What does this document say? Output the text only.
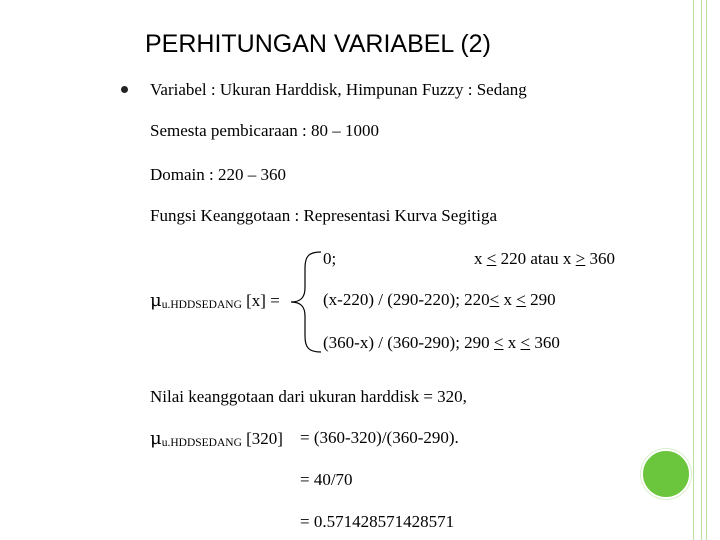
PERHITUNGAN VARIABEL (2)
Variabel : Ukuran Harddisk, Himpunan Fuzzy : Sedang
Semesta pembicaraan : 80 – 1000
Domain : 220 – 360
Fungsi Keanggotaan : Representasi Kurva Segitiga
μu.HDDSEDANG [x] =
0;	x ≤ 220 atau x ≥ 360
(x-220) / (290-220); 220≤ x ≤ 290
(360-x) / (360-290); 290 ≤ x ≤ 360
Nilai keanggotaan dari ukuran harddisk = 320,
μu.HDDSEDANG [320] = (360-320)/(360-290).
= 40/70
= 0.571428571428571
